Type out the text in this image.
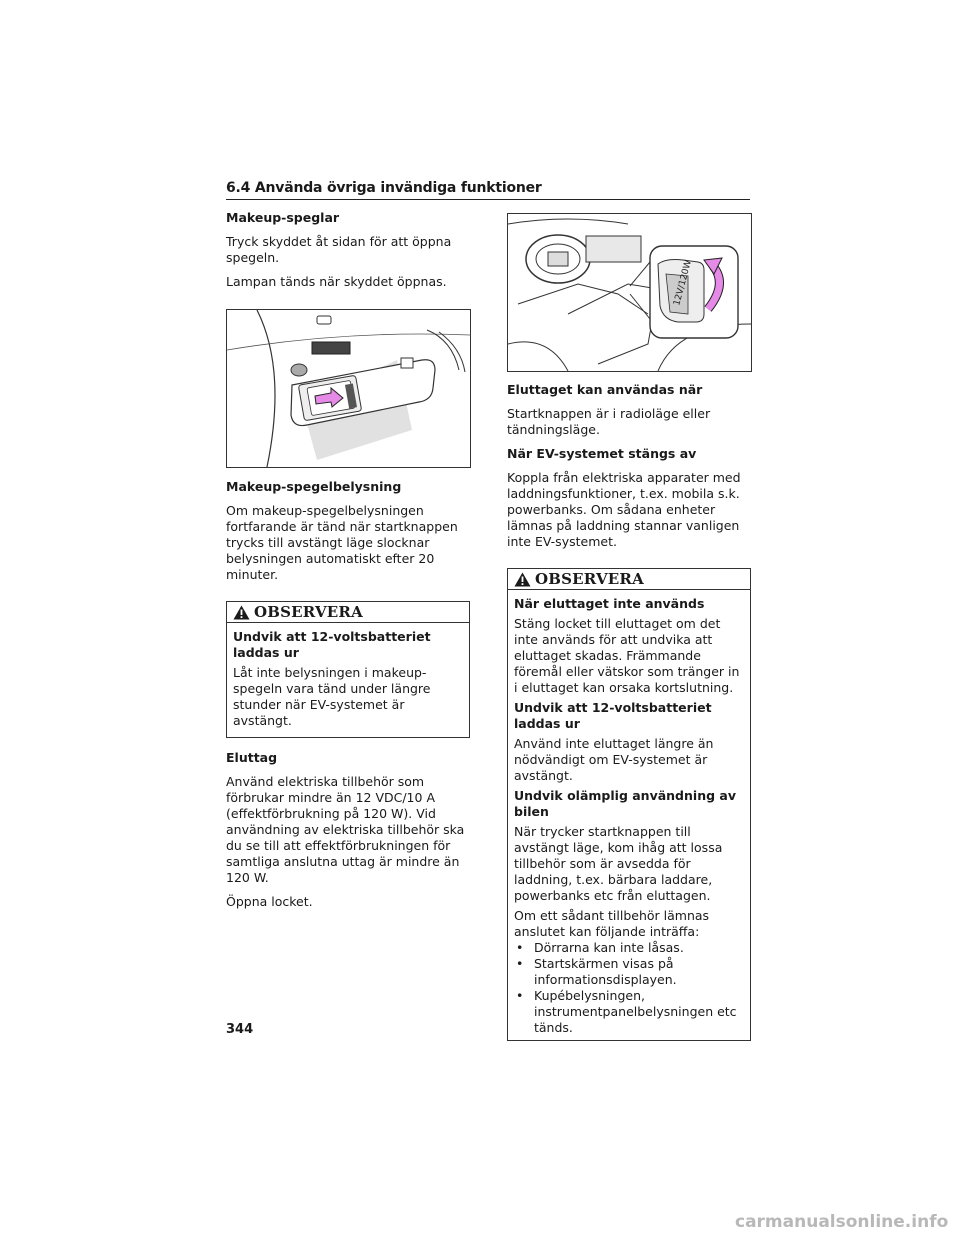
6.4 Använda övriga invändiga funktioner
12V/120W
Makeup-speglar
Tryck skyddet åt sidan för att öppna spegeln.
Lampan tänds när skyddet öppnas.
Makeup-spegelbelysning
Om makeup-spegelbelysningen fortfarande är tänd när startknappen trycks till avstängt läge slocknar belysningen automatiskt efter 20 minuter.
OBSERVERA
Undvik att 12-voltsbatteriet laddas ur
Låt inte belysningen i makeup-spegeln vara tänd under längre stunder när EV-systemet är avstängt.
Eluttag
Använd elektriska tillbehör som förbrukar mindre än 12 VDC/10 A (effektförbrukning på 120 W). Vid användning av elektriska tillbehör ska du se till att effektförbrukningen för samtliga anslutna uttag är mindre än 120 W.
Öppna locket.
Eluttaget kan användas när
Startknappen är i radioläge eller tändningsläge.
När EV-systemet stängs av
Koppla från elektriska apparater med laddningsfunktioner, t.ex. mobila s.k. powerbanks. Om sådana enheter lämnas på laddning stannar vanligen inte EV-systemet.
OBSERVERA
När eluttaget inte används
Stäng locket till eluttaget om det inte används för att undvika att eluttaget skadas. Främmande föremål eller vätskor som tränger in i eluttaget kan orsaka kortslutning.
Undvik att 12-voltsbatteriet laddas ur
Använd inte eluttaget längre än nödvändigt om EV-systemet är avstängt.
Undvik olämplig användning av bilen
När trycker startknappen till avstängt läge, kom ihåg att lossa tillbehör som är avsedda för laddning, t.ex. bärbara laddare, powerbanks etc från eluttagen.
Om ett sådant tillbehör lämnas anslutet kan följande inträffa:
• Dörrarna kan inte låsas.
• Startskärmen visas på informationsdisplayen.
• Kupébelysningen, instrumentpanelbelysningen etc tänds.
344
carmanualsonline.info
